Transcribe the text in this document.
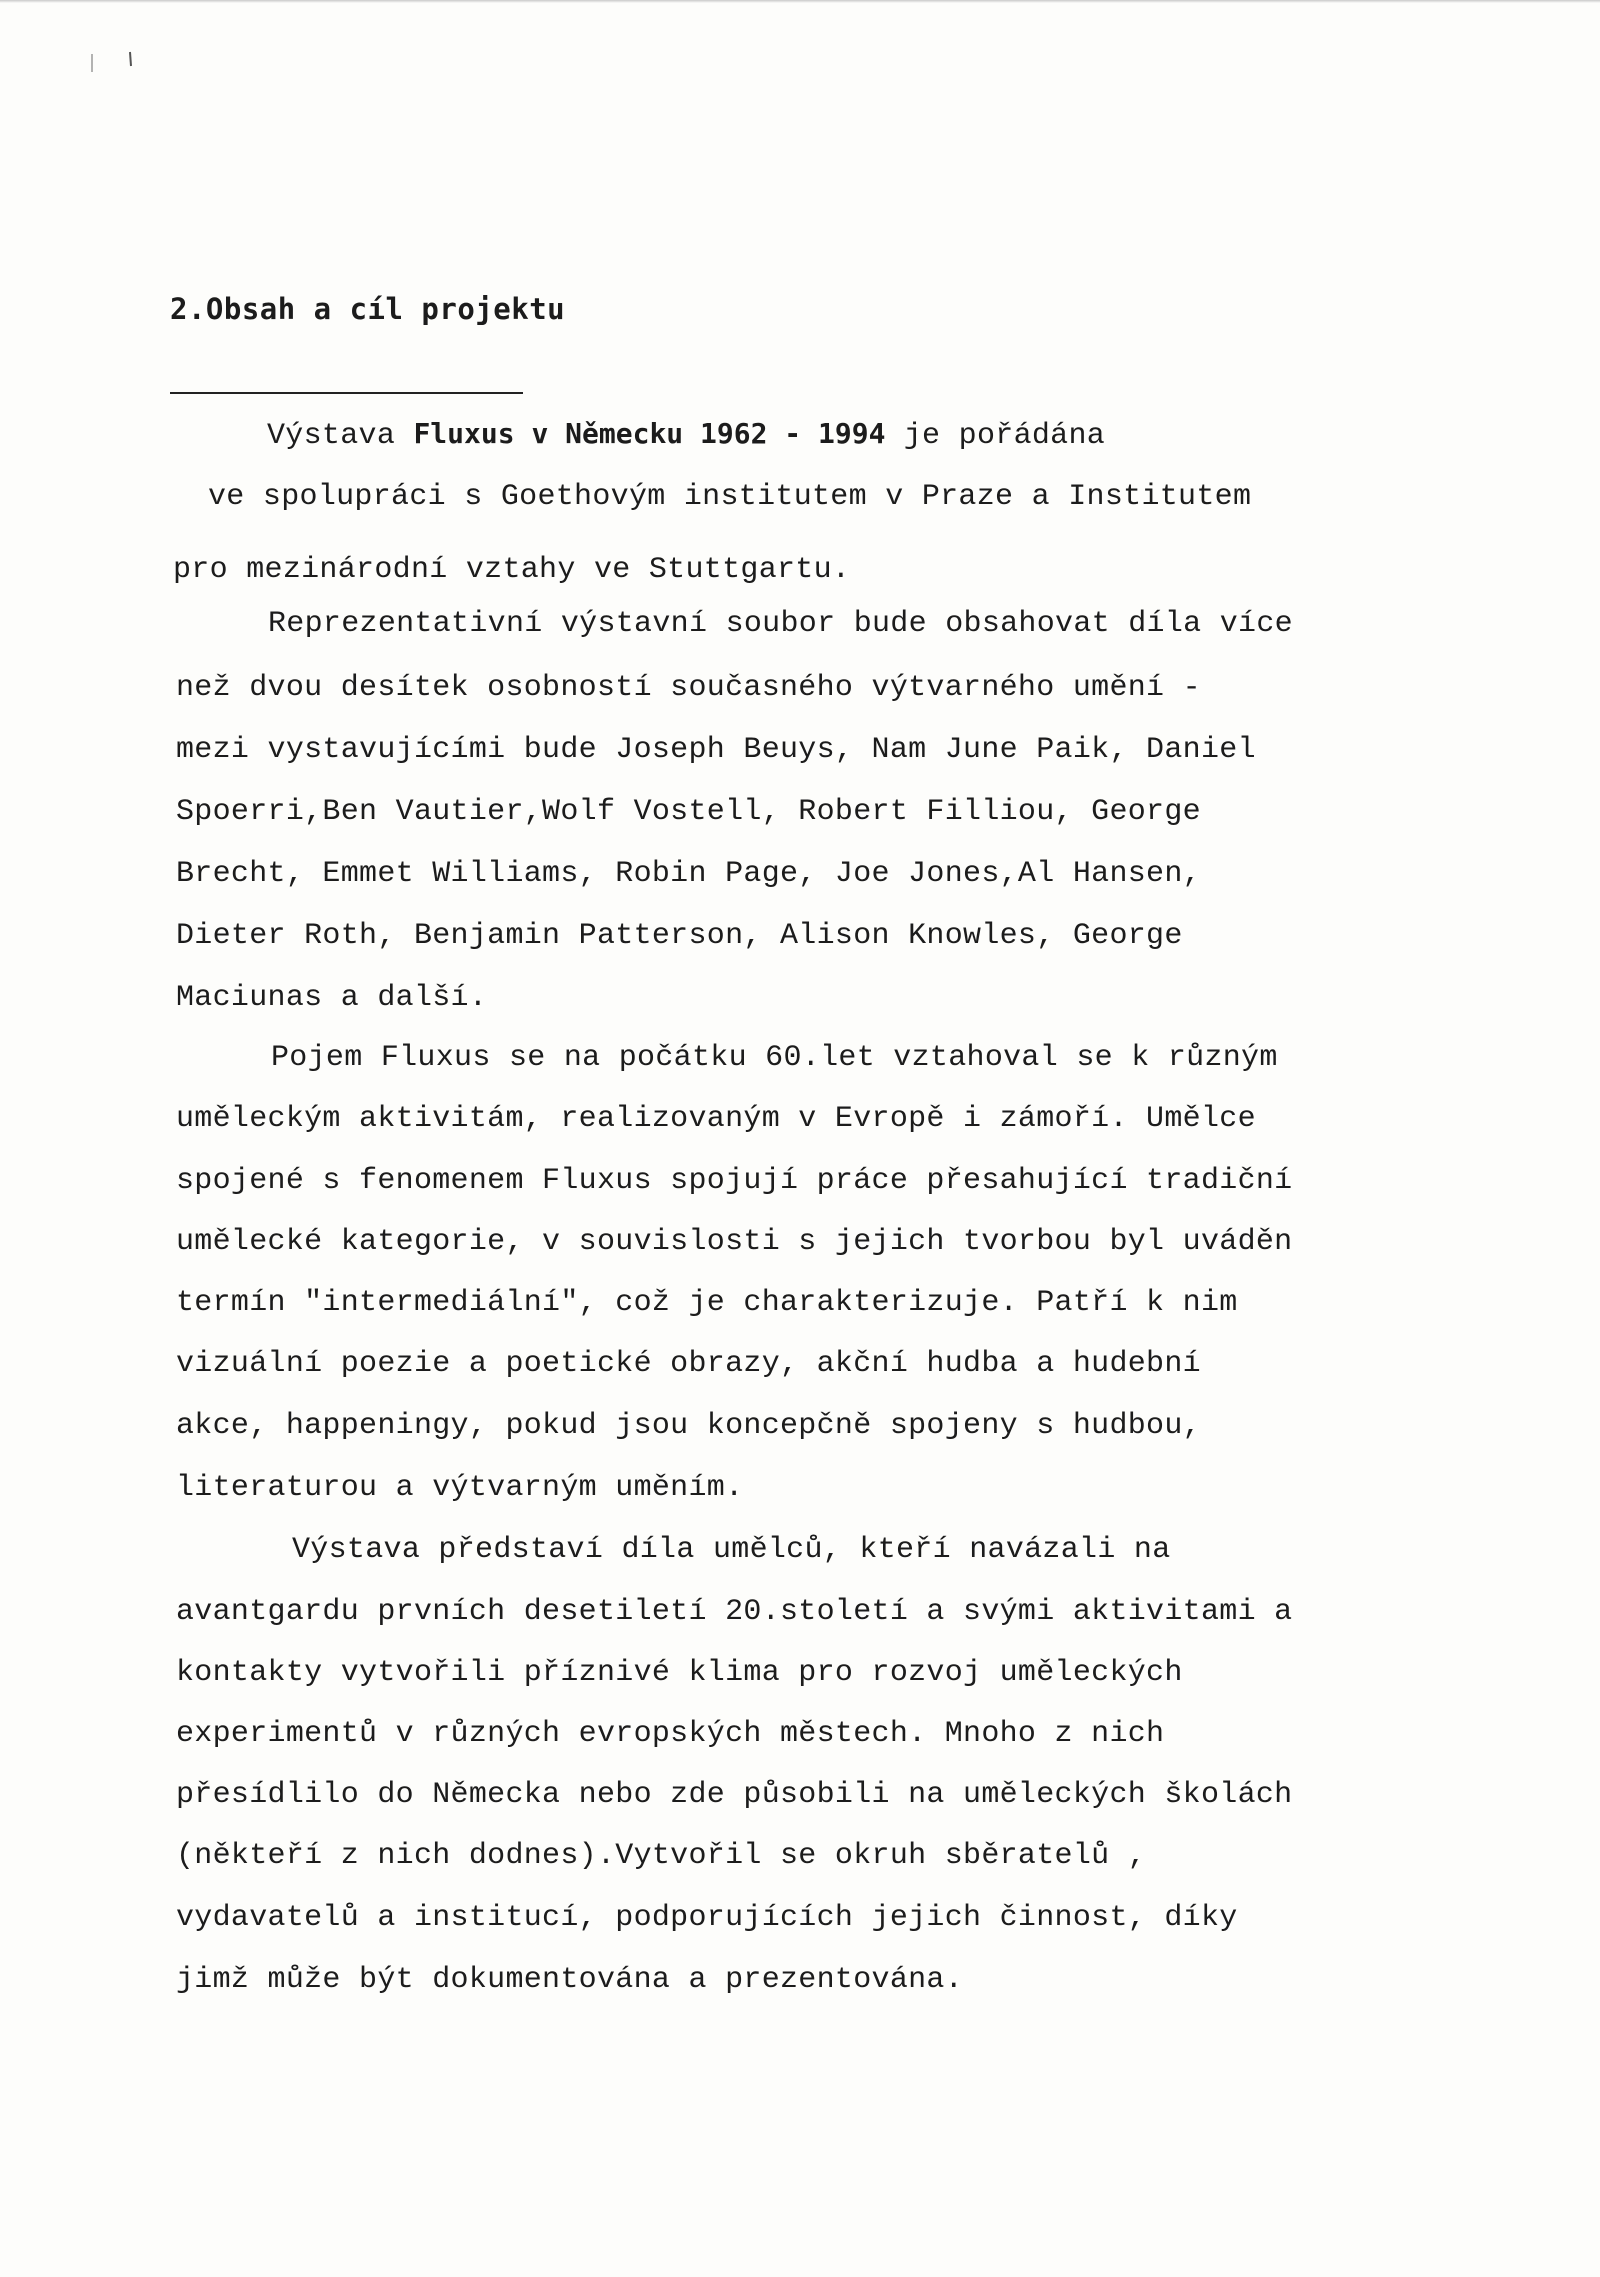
2.Obsah a cíl projektu

Výstava Fluxus v Německu 1962 - 1994 je pořádána

ve spolupráci s Goethovým institutem v Praze a Institutem

pro mezinárodní vztahy ve Stuttgartu.

Reprezentativní výstavní soubor bude obsahovat díla více

než dvou desítek osobností současného výtvarného umění -

mezi vystavujícími bude Joseph Beuys, Nam June Paik, Daniel

Spoerri,Ben Vautier,Wolf Vostell, Robert Filliou, George

Brecht, Emmet Williams, Robin Page, Joe Jones,Al Hansen,

Dieter Roth, Benjamin Patterson, Alison Knowles, George

Maciunas a další.

Pojem Fluxus se na počátku 60.let vztahoval se k různým

uměleckým aktivitám, realizovaným v Evropě i zámoří. Umělce

spojené s fenomenem Fluxus spojují práce přesahující tradiční

umělecké kategorie, v souvislosti s jejich tvorbou byl uváděn

termín "intermediální", což je charakterizuje. Patří k nim

vizuální poezie a poetické obrazy, akční hudba a hudební

akce, happeningy, pokud jsou koncepčně spojeny s hudbou,

literaturou a výtvarným uměním.

Výstava představí díla umělců, kteří navázali na

avantgardu prvních desetiletí 20.století a svými aktivitami a

kontakty vytvořili příznivé klima pro rozvoj uměleckých

experimentů v různých evropských městech. Mnoho z nich

přesídlilo do Německa nebo zde působili na uměleckých školách

(někteří z nich dodnes).Vytvořil se okruh sběratelů ,

vydavatelů a institucí, podporujících jejich činnost, díky

jimž může být dokumentována a prezentována.
